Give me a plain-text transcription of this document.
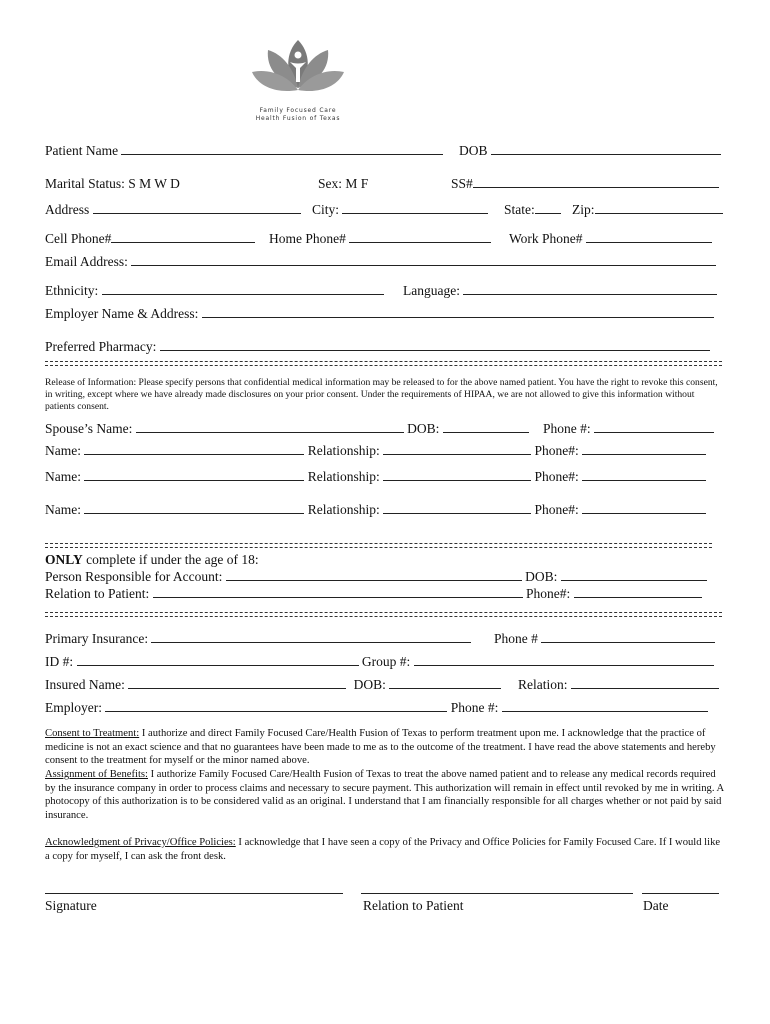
Family Focused Care
Health Fusion of Texas
Patient Name	DOB
Marital Status: S M W D	Sex: M F	SS#
Address	City:	State:	Zip:
Cell Phone#	Home Phone#	Work Phone#
Email Address:
Ethnicity:	Language:
Employer Name & Address:
Preferred Pharmacy:
Release of Information: Please specify persons that confidential medical information may be released to for the above named patient. You have the right to revoke this consent, in writing, except where we have already made disclosures on your prior consent. Under the requirements of HIPAA, we are not allowed to give this information without patients consent.
Spouse’s Name:	DOB:	Phone #:
Name:	Relationship:	Phone#:
Name:	Relationship:	Phone#:
Name:	Relationship:	Phone#:
ONLY complete if under the age of 18:
Person Responsible for Account:	DOB:
Relation to Patient:	Phone#:
Primary Insurance:	Phone #
ID #:	Group #:
Insured Name:	DOB:	Relation:
Employer:	Phone #:
Consent to Treatment: I authorize and direct Family Focused Care/Health Fusion of Texas to perform treatment upon me. I acknowledge that the practice of medicine is not an exact science and that no guarantees have been made to me as to the outcome of the treatment. I have read the above statements and hereby consent to the treatment for myself or the minor named above.
Assignment of Benefits: I authorize Family Focused Care/Health Fusion of Texas to treat the above named patient and to release any medical records required by the insurance company in order to process claims and necessary to secure payment. This authorization will remain in effect until revoked by me in writing. A photocopy of this authorization is to be considered valid as an original. I understand that I am financially responsible for all charges whether or not paid by said insurance.
Acknowledgment of Privacy/Office Policies: I acknowledge that I have seen a copy of the Privacy and Office Policies for Family Focused Care. If I would like a copy for myself, I can ask the front desk.
Signature	Relation to Patient	Date
